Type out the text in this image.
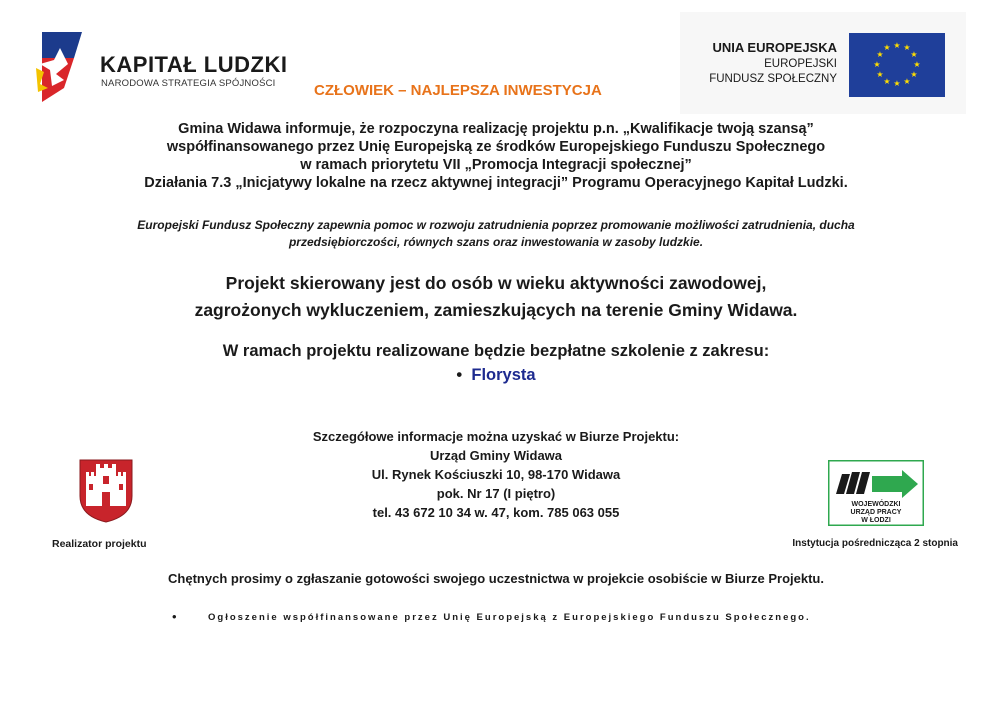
KAPITAŁ LUDZKI
NARODOWA STRATEGIA SPÓJNOŚCI	CZŁOWIEK – NAJLEPSZA INWESTYCJA
UNIA EUROPEJSKA
EUROPEJSKI
FUNDUSZ SPOŁECZNY
★ ★
★
★
★
★
★
★
★
★
★
★
Gmina Widawa informuje, że rozpoczyna realizację projektu p.n. „Kwalifikacje twoją szansą”
współfinansowanego przez Unię Europejską ze środków Europejskiego Funduszu Społecznego
w ramach priorytetu VII „Promocja Integracji społecznej”
Działania 7.3 „Inicjatywy lokalne na rzecz aktywnej integracji” Programu Operacyjnego Kapitał Ludzki.
Europejski Fundusz Społeczny zapewnia pomoc w rozwoju zatrudnienia poprzez promowanie możliwości zatrudnienia, ducha
przedsiębiorczości, równych szans oraz inwestowania w zasoby ludzkie.
Projekt skierowany jest do osób w wieku aktywności zawodowej,
zagrożonych wykluczeniem, zamieszkujących na terenie Gminy Widawa.
W ramach projektu realizowane będzie bezpłatne szkolenie z zakresu:
•  Florysta
Szczegółowe informacje można uzyskać w Biurze Projektu:
Urząd Gminy Widawa
Ul. Rynek Kościuszki 10, 98-170 Widawa
pok. Nr 17 (I piętro)
tel. 43 672 10 34 w. 47, kom. 785 063 055
Realizator projektu
WOJEWÓDZKI
URZĄD PRACY
W ŁODZI
Instytucja pośrednicząca 2 stopnia
Chętnych prosimy o zgłaszanie gotowości swojego uczestnictwa w projekcie osobiście w Biurze Projektu.
•	Ogłoszenie współfinansowane przez Unię Europejską z Europejskiego Funduszu Społecznego.
